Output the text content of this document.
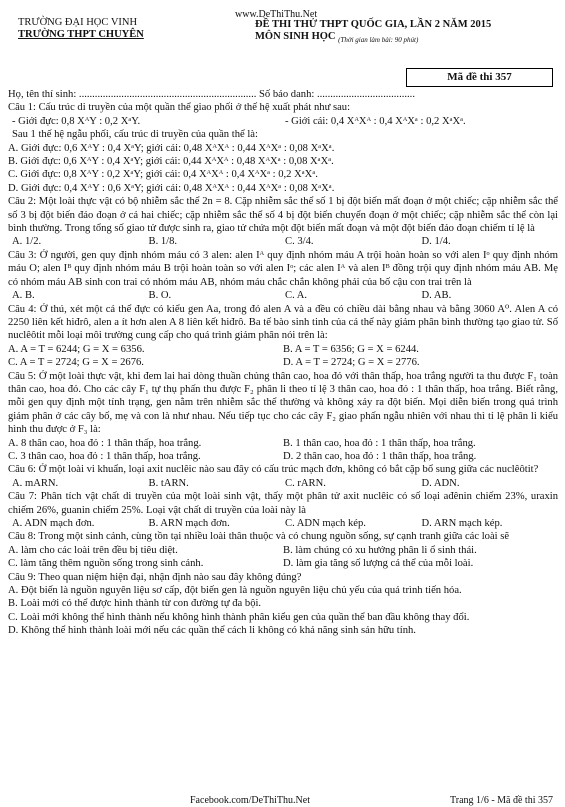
TRƯỜNG ĐẠI HỌC VINH
TRƯỜNG THPT CHUYÊN
www.DeThiThu.Net
ĐỀ THI THỬ THPT QUỐC GIA, LẦN 2 NĂM 2015
MÔN SINH HỌC $_{(Thời gian làm bài: 90 phút)}$
Mã đề thi 357

Họ, tên thí sinh: ................................................................... Số báo danh: .....................................

Câu 1: Cấu trúc di truyền của một quần thể giao phối ở thế hệ xuất phát như sau:

- Giới đực: 0,8 XᴬY : 0,2 XᵃY.	- Giới cái: 0,4 XᴬXᴬ : 0,4 XᴬXᵃ : 0,2 XᵃXᵃ.

Sau 1 thế hệ ngẫu phối, cấu trúc di truyền của quần thể là:

A. Giới đực: 0,6 XᴬY : 0,4 XᵃY; giới cái: 0,48 XᴬXᴬ : 0,44 XᴬXᵃ : 0,08 XᵃXᵃ.

B. Giới đực: 0,6 XᴬY : 0,4 XᵃY; giới cái: 0,44 XᴬXᴬ : 0,48 XᴬXᵃ : 0,08 XᵃXᵃ.

C. Giới đực: 0,8 XᴬY : 0,2 XᵃY; giới cái: 0,4 XᴬXᴬ : 0,4 XᴬXᵃ : 0,2 XᵃXᵃ.

D. Giới đực: 0,4 XᴬY : 0,6 XᵃY; giới cái: 0,48 XᴬXᴬ : 0,44 XᴬXᵃ : 0,08 XᵃXᵃ.

Câu 2: Một loài thực vật có bộ nhiễm sắc thể 2n = 8. Cặp nhiễm sắc thể số 1 bị đột biến mất đoạn ở một chiếc; cặp nhiễm sắc thể số 3 bị đột biến đảo đoạn ở cả hai chiếc; cặp nhiễm sắc thể số 4 bị đột biến chuyển đoạn ở một chiếc; cặp nhiễm sắc thể còn lại bình thường. Trong tổng số giao tử được sinh ra, giao tử chứa một đột biến mất đoạn và một đột biến đảo đoạn chiếm tỉ lệ là

A. 1/2.	B. 1/8.	C. 3/4.	D. 1/4.

Câu 3: Ở người, gen quy định nhóm máu có 3 alen: alen Iᴬ quy định nhóm máu A trội hoàn hoàn so với alen Iᵒ quy định nhóm máu O; alen Iᴮ quy định nhóm máu B trội hoàn toàn so với alen Iᵒ; các alen Iᴬ và alen Iᴮ đồng trội quy định nhóm máu AB. Mẹ có nhóm máu AB sinh con trai có nhóm máu AB, nhóm máu chắc chắn không phải của bố cậu con trai trên là

A. B.	B. O.	C. A.	D. AB.

Câu 4: Ở thú, xét một cá thể đực có kiểu gen Aa, trong đó alen A và a đều có chiều dài bằng nhau và bằng 3060 A⁰. Alen A có 2250 liên kết hiđrô, alen a ít hơn alen A 8 liên kết hiđrô. Ba tế bào sinh tinh của cá thể này giảm phân bình thường tạo giao tử. Số nuclêôtit mỗi loại môi trường cung cấp cho quá trình giảm phân nói trên là:

A. A = T = 6244; G = X = 6356.	B. A = T = 6356; G = X = 6244.
C. A = T = 2724; G = X = 2676.	D. A = T = 2724; G = X = 2776.

Câu 5: Ở một loài thực vật, khi đem lai hai dòng thuần chủng thân cao, hoa đỏ với thân thấp, hoa trắng người ta thu được F₁ toàn thân cao, hoa đỏ. Cho các cây F₁ tự thụ phấn thu được F₂ phân li theo tỉ lệ 3 thân cao, hoa đỏ : 1 thân thấp, hoa trắng. Biết rằng, mỗi gen quy định một tính trạng, gen nằm trên nhiễm sắc thể thường và không xảy ra đột biến. Mọi diễn biến trong quá trình giảm phân ở các cây bố, mẹ và con là như nhau. Nếu tiếp tục cho các cây F₂ giao phấn ngẫu nhiên với nhau thì tỉ lệ phân li kiểu hình thu được ở F₃ là:

A. 8 thân cao, hoa đỏ : 1 thân thấp, hoa trắng.	B. 1 thân cao, hoa đỏ : 1 thân thấp, hoa trắng.
C. 3 thân cao, hoa đỏ : 1 thân thấp, hoa trắng.	D. 2 thân cao, hoa đỏ : 1 thân thấp, hoa trắng.

Câu 6: Ở một loài vi khuẩn, loại axit nuclêic nào sau đây có cấu trúc mạch đơn, không có bắt cặp bổ sung giữa các nuclêôtit?

A. mARN.	B. tARN.	C. rARN.	D. ADN.

Câu 7: Phân tích vật chất di truyền của một loài sinh vật, thấy một phân tử axit nuclêic có số loại ađênin chiếm 23%, uraxin chiếm 26%, guanin chiếm 25%. Loại vật chất di truyền của loài này là

A. ADN mạch đơn.	B. ARN mạch đơn.	C. ADN mạch kép.	D. ARN mạch kép.

Câu 8: Trong một sinh cảnh, cùng tồn tại nhiều loài thân thuộc và có chung nguồn sống, sự cạnh tranh giữa các loài sẽ

A. làm cho các loài trên đều bị tiêu diệt.	B. làm chúng có xu hướng phân li ổ sinh thái.
C. làm tăng thêm nguồn sống trong sinh cảnh.	D. làm gia tăng số lượng cá thể của mỗi loài.

Câu 9: Theo quan niệm hiện đại, nhận định nào sau đây không đúng?

A. Đột biến là nguồn nguyên liệu sơ cấp, đột biến gen là nguồn nguyên liệu chủ yếu của quá trình tiến hóa.

B. Loài mới có thể được hình thành từ con đường tự đa bội.

C. Loài mới không thể hình thành nếu không hình thành phân kiểu gen của quần thể ban đầu không thay đổi.

D. Không thể hình thành loài mới nếu các quần thể cách li không có khả năng sinh sản hữu tính.

Facebook.com/DeThiThu.Net	Trang 1/6 - Mã đề thi 357
